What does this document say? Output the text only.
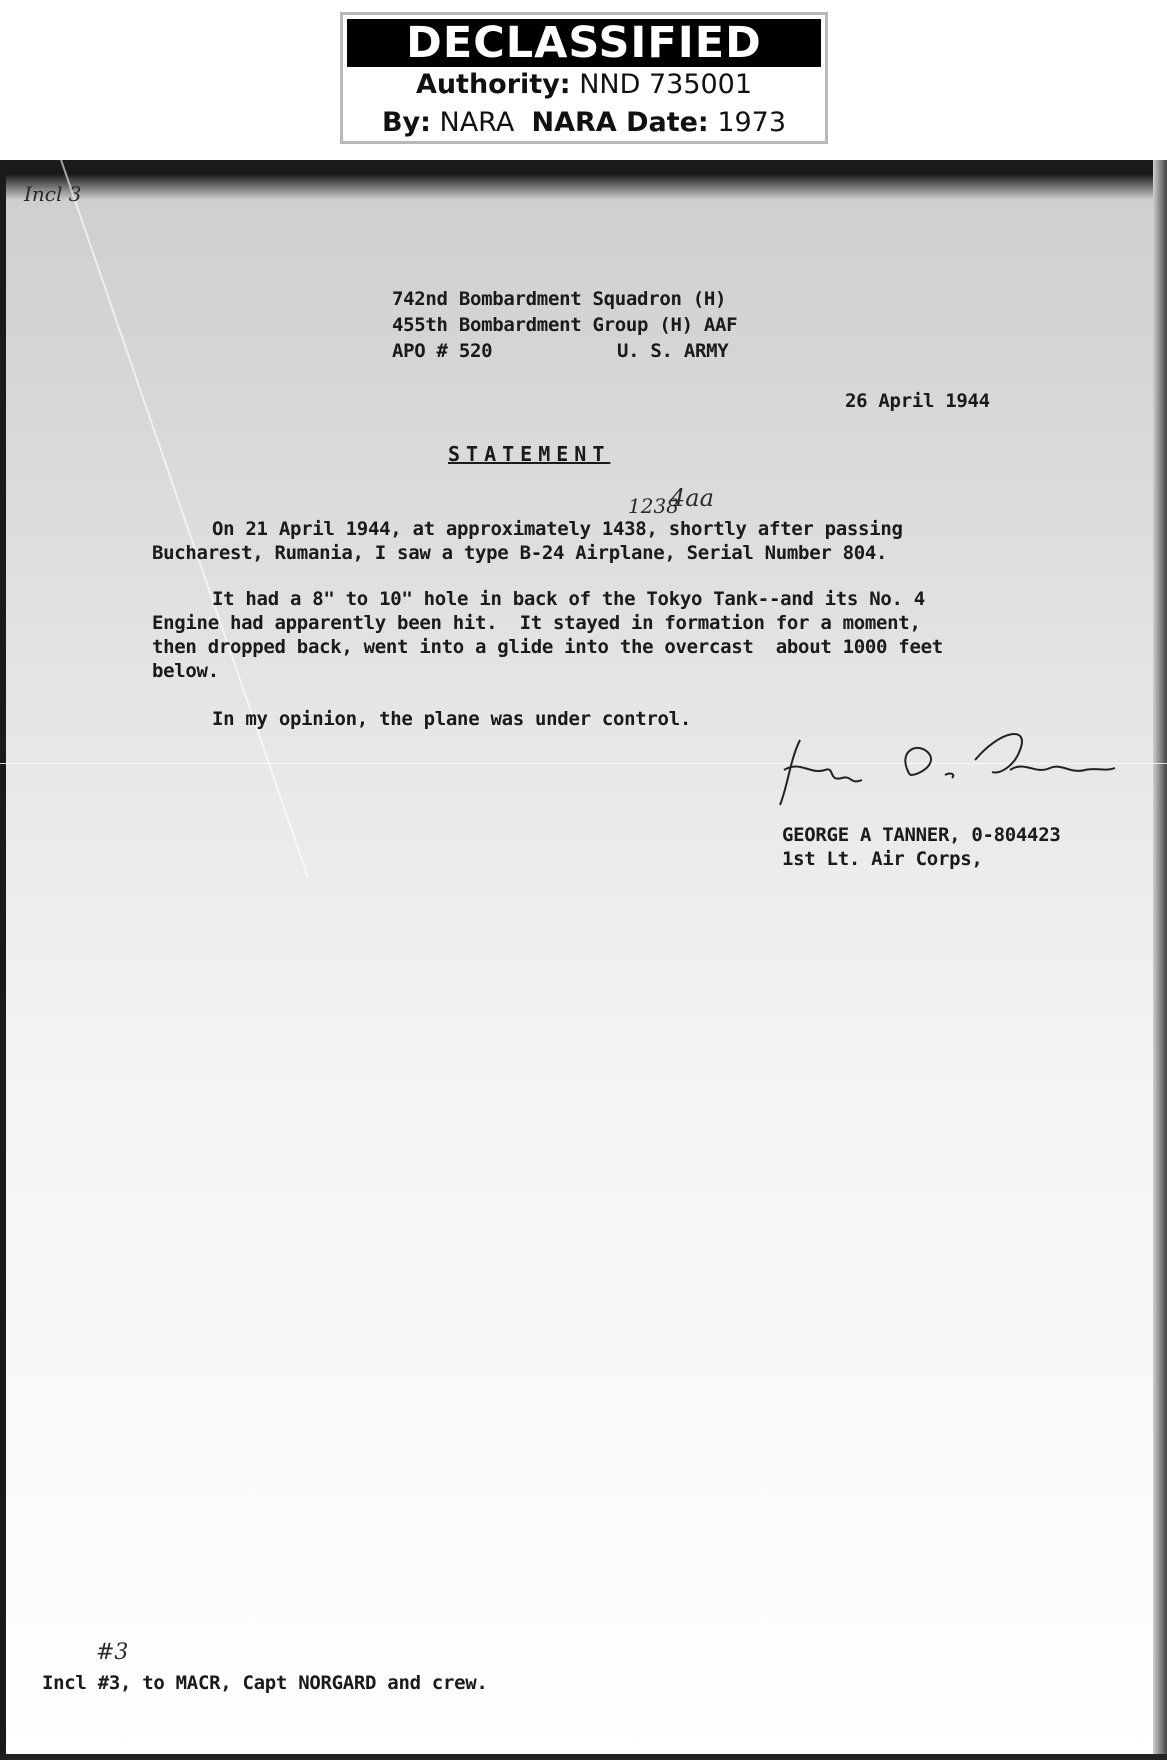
DECLASSIFIED
Authority: NND 735001
By: NARA NARA Date: 1973
Incl 3
742nd Bombardment Squadron (H)
455th Bombardment Group (H) AAF
APO # 520	U. S. ARMY
26 April 1944
STATEMENT
1238
4aa
On 21 April 1944, at approximately 1438, shortly after passing
Bucharest, Rumania, I saw a type B-24 Airplane, Serial Number 804.
It had a 8" to 10" hole in back of the Tokyo Tank--and its No. 4
Engine had apparently been hit.  It stayed in formation for a moment,
then dropped back, went into a glide into the overcast  about 1000 feet
below.
In my opinion, the plane was under control.
GEORGE A TANNER, 0-804423
1st Lt. Air Corps,
#3
Incl #3, to MACR, Capt NORGARD and crew.
